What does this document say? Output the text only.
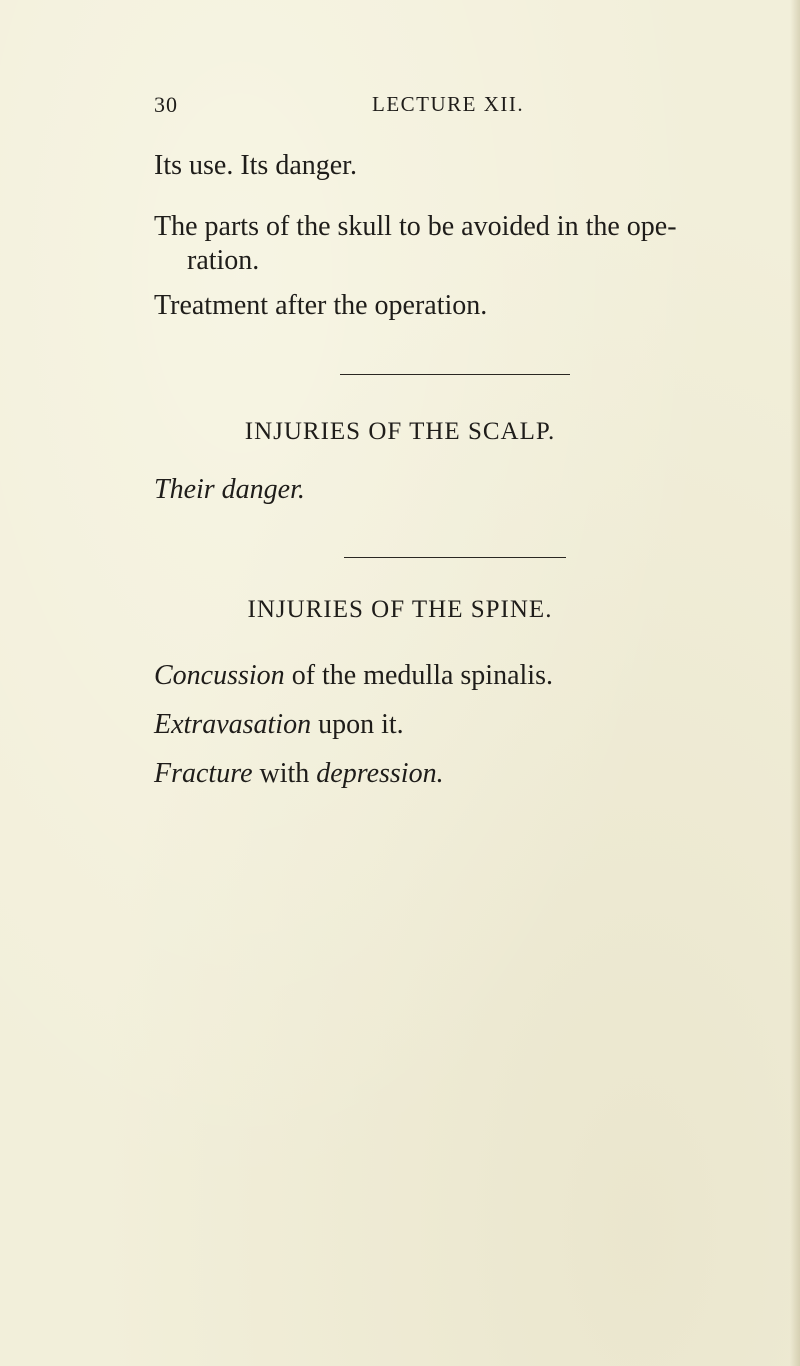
30	LECTURE XII.
Its use. Its danger.
The parts of the skull to be avoided in the ope-
ration.
Treatment after the operation.
INJURIES OF THE SCALP.
Their danger.
INJURIES OF THE SPINE.
Concussion of the medulla spinalis.
Extravasation upon it.
Fracture with depression.
